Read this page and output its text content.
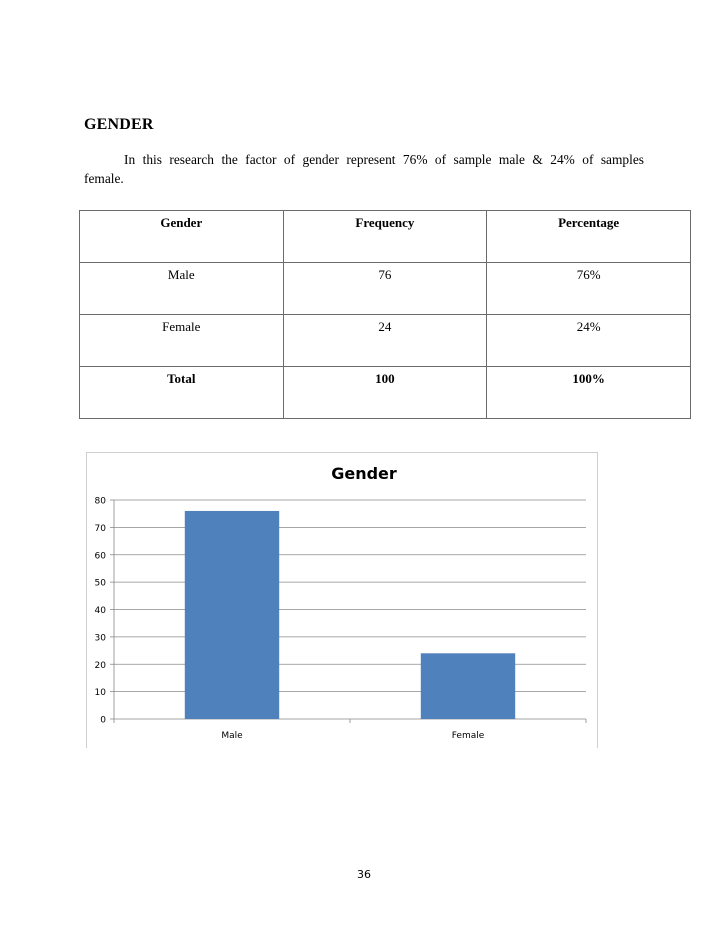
GENDER
In this research the factor of gender represent 76% of sample male & 24% of samples
female.
Gender	Frequency	Percentage
Male	76	76%
Female	24	24%
Total	100	100%
Gender
0
10
20
30
40
50
60
70
80
Male	Female
36
